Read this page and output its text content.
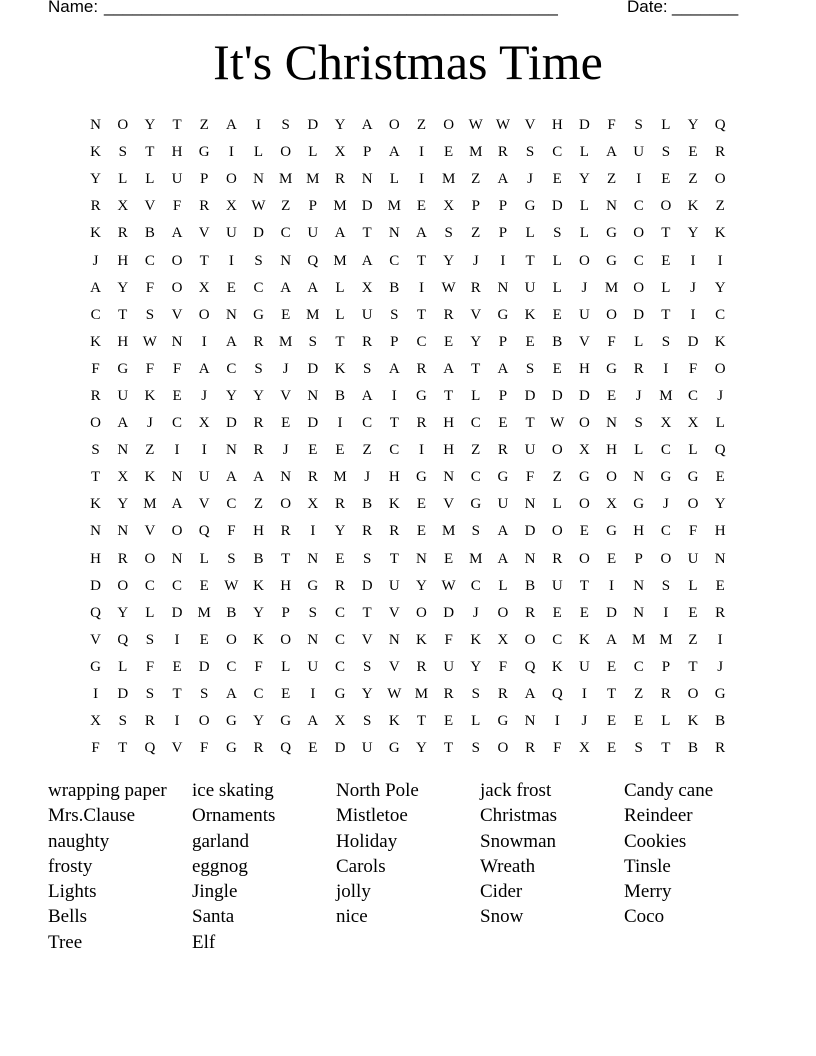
Name: ________________________________________________	Date: _______
It's Christmas Time
N	O	Y	T	Z	A	I	S	D	Y	A	O	Z	O W W V	H	D	F	S	L	Y	Q
K	S	T	H	G	I	L	O	L	X	P	A	I	E	M	R	S	C	L	A	U	S	E	R
Y	L	L	U	P	O	N	M M	R	N	L	I	M	Z	A	J	E	Y	Z	I	E	Z	O
R	X	V	F	R	X W	Z	P	M	D	M	E	X	P	P	G	D	L	N	C	O	K	Z
K	R	B	A	V	U	D	C	U	A	T	N	A	S	Z	P	L	S	L	G	O	T	Y	K
J	H	C	O	T	I	S	N	Q	M	A	C	T	Y	J	I	T	L	O	G	C	E	I	I
A	Y	F	O	X	E	C	A	A	L	X	B	I	W	R	N	U	L	J	M	O	L	J	Y
C	T	S	V	O	N	G	E	M	L	U	S	T	R	V	G	K	E	U	O	D	T	I	C
K	H W N	I	A	R	M	S	T	R	P	C	E	Y	P	E	B	V	F	L	S	D	K
F	G	F	F	A	C	S	J	D	K	S	A	R	A	T	A	S	E	H	G	R	I	F	O
R	U	K	E	J	Y	Y	V	N	B	A	I	G	T	L	P	D	D	D	E	J	M	C	J
O	A	J	C	X	D	R	E	D	I	C	T	R	H	C	E	T	W O	N	S	X	X	L
S	N	Z	I	I	N	R	J	E	E	Z	C	I	H	Z	R	U	O	X	H	L	C	L	Q
T	X	K	N	U	A	A	N	R	M	J	H	G	N	C	G	F	Z	G	O	N	G	G	E
K	Y	M	A	V	C	Z	O	X	R	B	K	E	V	G	U	N	L	O	X	G	J	O	Y
N	N	V	O	Q	F	H	R	I	Y	R	R	E	M	S	A	D	O	E	G	H	C	F	H
H	R	O	N	L	S	B	T	N	E	S	T	N	E	M	A	N	R	O	E	P	O	U	N
D	O	C	C	E	W K	H	G	R	D	U	Y W	C	L	B	U	T	I	N	S	L	E
Q	Y	L	D	M	B	Y	P	S	C	T	V	O	D	J	O	R	E	E	D	N	I	E	R
V	Q	S	I	E	O	K	O	N	C	V	N	K	F	K	X	O	C	K	A	M M	Z	I
G	L	F	E	D	C	F	L	U	C	S	V	R	U	Y	F	Q	K	U	E	C	P	T	J
I	D	S	T	S	A	C	E	I	G	Y W M	R	S	R	A	Q	I	T	Z	R	O	G
X	S	R	I	O	G	Y	G	A	X	S	K	T	E	L	G	N	I	J	E	E	L	K	B
F	T	Q	V	F	G	R	Q	E	D	U	G	Y	T	S	O	R	F	X	E	S	T	B	R
wrapping paper	ice skating	North Pole	jack frost	Candy cane
Mrs.Clause	Ornaments	Mistletoe	Christmas	Reindeer
naughty	garland	Holiday	Snowman	Cookies
frosty	eggnog	Carols	Wreath	Tinsle
Lights	Jingle	jolly	Cider	Merry
Bells	Santa	nice	Snow	Coco
Tree	Elf
